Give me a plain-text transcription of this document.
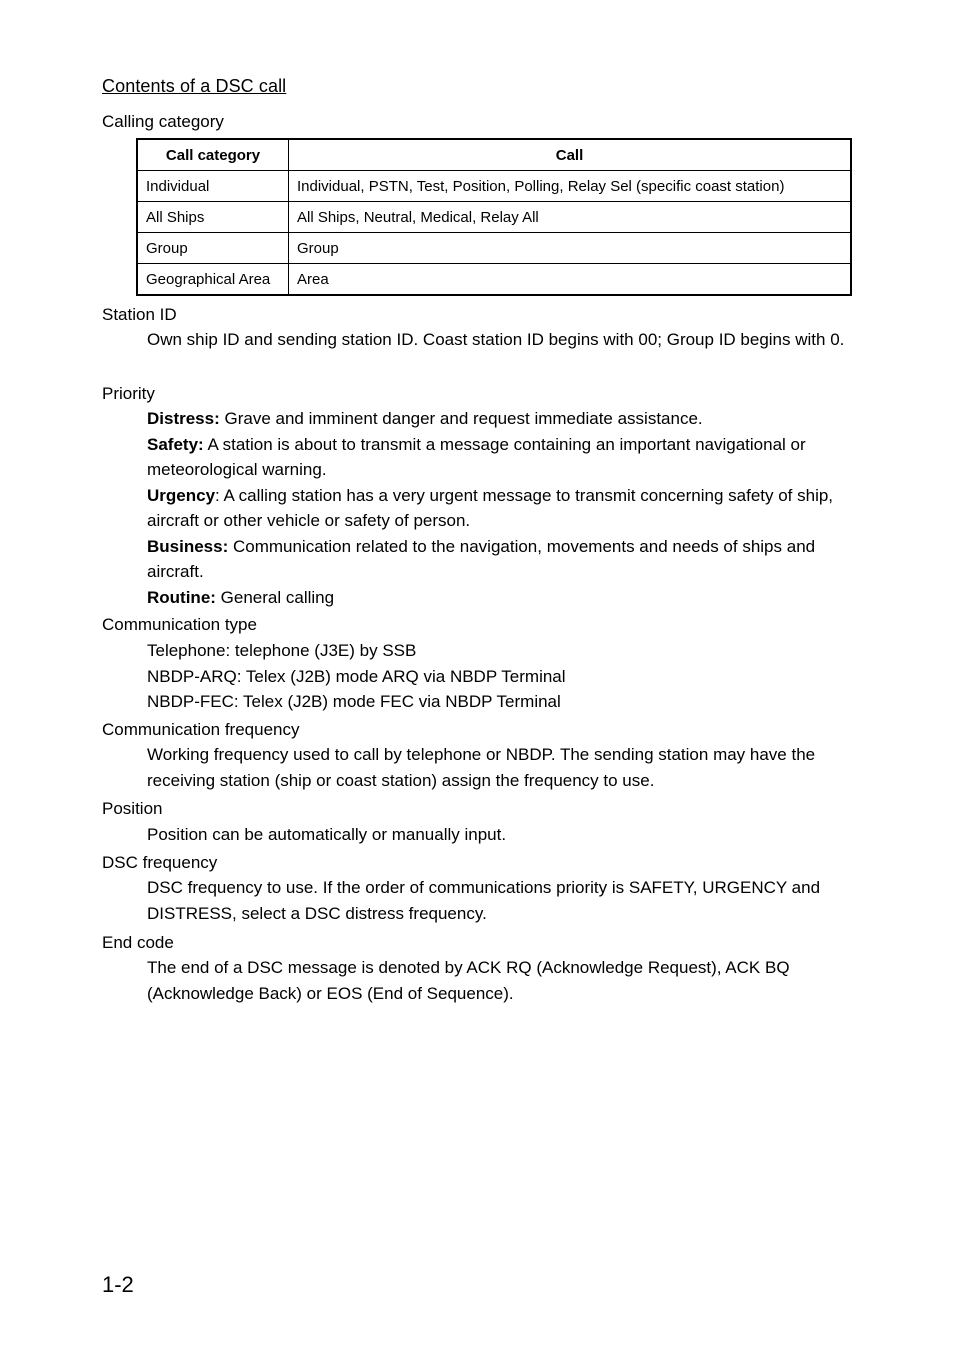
Contents of a DSC call
Calling category
Call category	Call
Individual	Individual, PSTN, Test, Position, Polling, Relay Sel (specific coast station)
All Ships	All Ships, Neutral, Medical, Relay All
Group	Group
Geographical Area	Area
Station ID

Own ship ID and sending station ID. Coast station ID begins with 00; Group ID begins with 0.

Priority

Distress: Grave and imminent danger and request immediate assistance.

Safety: A station is about to transmit a message containing an important navigational or meteorological warning.

Urgency: A calling station has a very urgent message to transmit concerning safety of ship, aircraft or other vehicle or safety of person.

Business: Communication related to the navigation, movements and needs of ships and aircraft.

Routine: General calling

Communication type

Telephone: telephone (J3E) by SSB

NBDP-ARQ: Telex (J2B) mode ARQ via NBDP Terminal

NBDP-FEC: Telex (J2B) mode FEC via NBDP Terminal

Communication frequency

Working frequency used to call by telephone or NBDP. The sending station may have the receiving station (ship or coast station) assign the frequency to use.

Position

Position can be automatically or manually input.

DSC frequency

DSC frequency to use. If the order of communications priority is SAFETY, URGENCY and DISTRESS, select a DSC distress frequency.

End code

The end of a DSC message is denoted by ACK RQ (Acknowledge Request), ACK BQ (Acknowledge Back) or EOS (End of Sequence).

1-2
